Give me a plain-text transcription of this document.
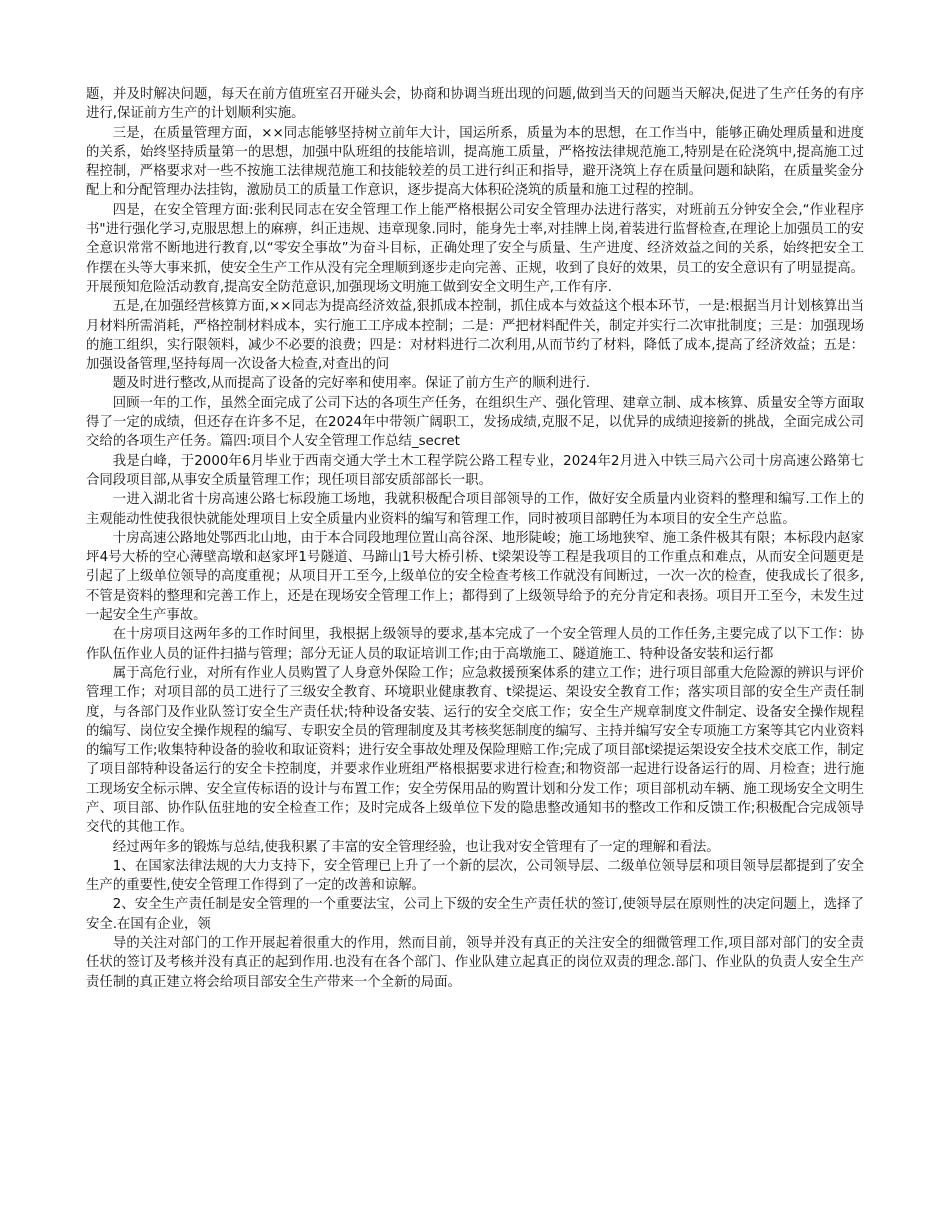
题，并及时解决问题，每天在前方值班室召开碰头会，协商和协调当班出现的问题,做到当天的问题当天解决,促进了生产任务的有序进行,保证前方生产的计划顺利实施。

三是，在质量管理方面，××同志能够坚持树立前年大计，国运所系，质量为本的思想，在工作当中，能够正确处理质量和进度的关系，始终坚持质量第一的思想，加强中队班组的技能培训，提高施工质量，严格按法律规范施工,特别是在砼浇筑中,提高施工过程控制，严格要求对一些不按施工法律规范施工和技能较差的员工进行纠正和指导，避开浇筑上存在质量问题和缺陷，在质量奖金分配上和分配管理办法挂钩，激励员工的质量工作意识，逐步提高大体积砼浇筑的质量和施工过程的控制。

四是，在安全管理方面:张利民同志在安全管理工作上能严格根据公司安全管理办法进行落实，对班前五分钟安全会,“作业程序书"进行强化学习,克服思想上的麻痹，纠正违规、违章现象.同时，能身先士率,对挂牌上岗,着装进行监督检查,在理论上加强员工的安全意识常常不断地进行教育,以“零安全事故”为奋斗目标，正确处理了安全与质量、生产进度、经济效益之间的关系，始终把安全工作摆在头等大事来抓，使安全生产工作从没有完全理顺到逐步走向完善、正规，收到了良好的效果，员工的安全意识有了明显提高。开展预知危险活动教育,提高安全防范意识,加强现场文明施工做到安全文明生产,工作有序.

五是,在加强经营核算方面,××同志为提高经济效益,狠抓成本控制，抓住成本与效益这个根本环节，一是:根据当月计划核算出当月材料所需消耗，严格控制材料成本，实行施工工序成本控制；二是：严把材料配件关，制定并实行二次审批制度；三是：加强现场的施工组织，实行限领料，减少不必要的浪费；四是：对材料进行二次利用,从而节约了材料，降低了成本,提高了经济效益；五是：加强设备管理,坚持每周一次设备大检查,对查出的问

题及时进行整改,从而提高了设备的完好率和使用率。保证了前方生产的顺利进行.

回顾一年的工作，虽然全面完成了公司下达的各项生产任务，在组织生产、强化管理、建章立制、成本核算、质量安全等方面取得了一定的成绩，但还存在许多不足，在2024年中带领广阔职工，发扬成绩,克服不足，以优异的成绩迎接新的挑战，全面完成公司交给的各项生产任务。篇四:项目个人安全管理工作总结_secret

我是白峰，于2000年6月毕业于西南交通大学土木工程学院公路工程专业，2024年2月进入中铁三局六公司十房高速公路第七合同段项目部,从事安全质量管理工作；现任项目部安质部部长一职。

一进入湖北省十房高速公路七标段施工场地，我就积极配合项目部领导的工作，做好安全质量内业资料的整理和编写.工作上的主观能动性使我很快就能处理项目上安全质量内业资料的编写和管理工作，同时被项目部聘任为本项目的安全生产总监。

十房高速公路地处鄂西北山地，由于本合同段地理位置山高谷深、地形陡峻；施工场地狭窄、施工条件极其有限；本标段内赵家坪4号大桥的空心薄壁高墩和赵家坪1号隧道、马蹄山1号大桥引桥、t梁架设等工程是我项目的工作重点和难点，从而安全问题更是引起了上级单位领导的高度重视；从项目开工至今,上级单位的安全检查考核工作就没有间断过，一次一次的检查，使我成长了很多,不管是资料的整理和完善工作上，还是在现场安全管理工作上；都得到了上级领导给予的充分肯定和表扬。项目开工至今，未发生过一起安全生产事故。

在十房项目这两年多的工作时间里，我根据上级领导的要求,基本完成了一个安全管理人员的工作任务,主要完成了以下工作：协作队伍作业人员的证件扫描与管理；部分无证人员的取证培训工作;由于高墩施工、隧道施工、特种设备安装和运行都

属于高危行业，对所有作业人员购置了人身意外保险工作；应急救援预案体系的建立工作；进行项目部重大危险源的辨识与评价管理工作；对项目部的员工进行了三级安全教育、环境职业健康教育、t梁提运、架设安全教育工作；落实项目部的安全生产责任制度，与各部门及作业队签订安全生产责任状;特种设备安装、运行的安全交底工作；安全生产规章制度文件制定、设备安全操作规程的编写、岗位安全操作规程的编写、专职安全员的管理制度及其考核奖惩制度的编写、主持并编写安全专项施工方案等其它内业资料的编写工作;收集特种设备的验收和取证资料；进行安全事故处理及保险理赔工作;完成了项目部t梁提运架设安全技术交底工作，制定了项目部特种设备运行的安全卡控制度，并要求作业班组严格根据要求进行检查;和物资部一起进行设备运行的周、月检查；进行施工现场安全标示牌、安全宣传标语的设计与布置工作；安全劳保用品的购置计划和分发工作；项目部机动车辆、施工现场安全文明生产、项目部、协作队伍驻地的安全检查工作；及时完成各上级单位下发的隐患整改通知书的整改工作和反馈工作;积极配合完成领导交代的其他工作。

经过两年多的锻炼与总结,使我积累了丰富的安全管理经验，也让我对安全管理有了一定的理解和看法。

1、在国家法律法规的大力支持下，安全管理已上升了一个新的层次，公司领导层、二级单位领导层和项目领导层都提到了安全生产的重要性,使安全管理工作得到了一定的改善和谅解。

2、安全生产责任制是安全管理的一个重要法宝，公司上下级的安全生产责任状的签订,使领导层在原则性的决定问题上，选择了安全.在国有企业，领

导的关注对部门的工作开展起着很重大的作用，然而目前，领导并没有真正的关注安全的细微管理工作,项目部对部门的安全责任状的签订及考核并没有真正的起到作用.也没有在各个部门、作业队建立起真正的岗位双责的理念.部门、作业队的负责人安全生产责任制的真正建立将会给项目部安全生产带来一个全新的局面。
